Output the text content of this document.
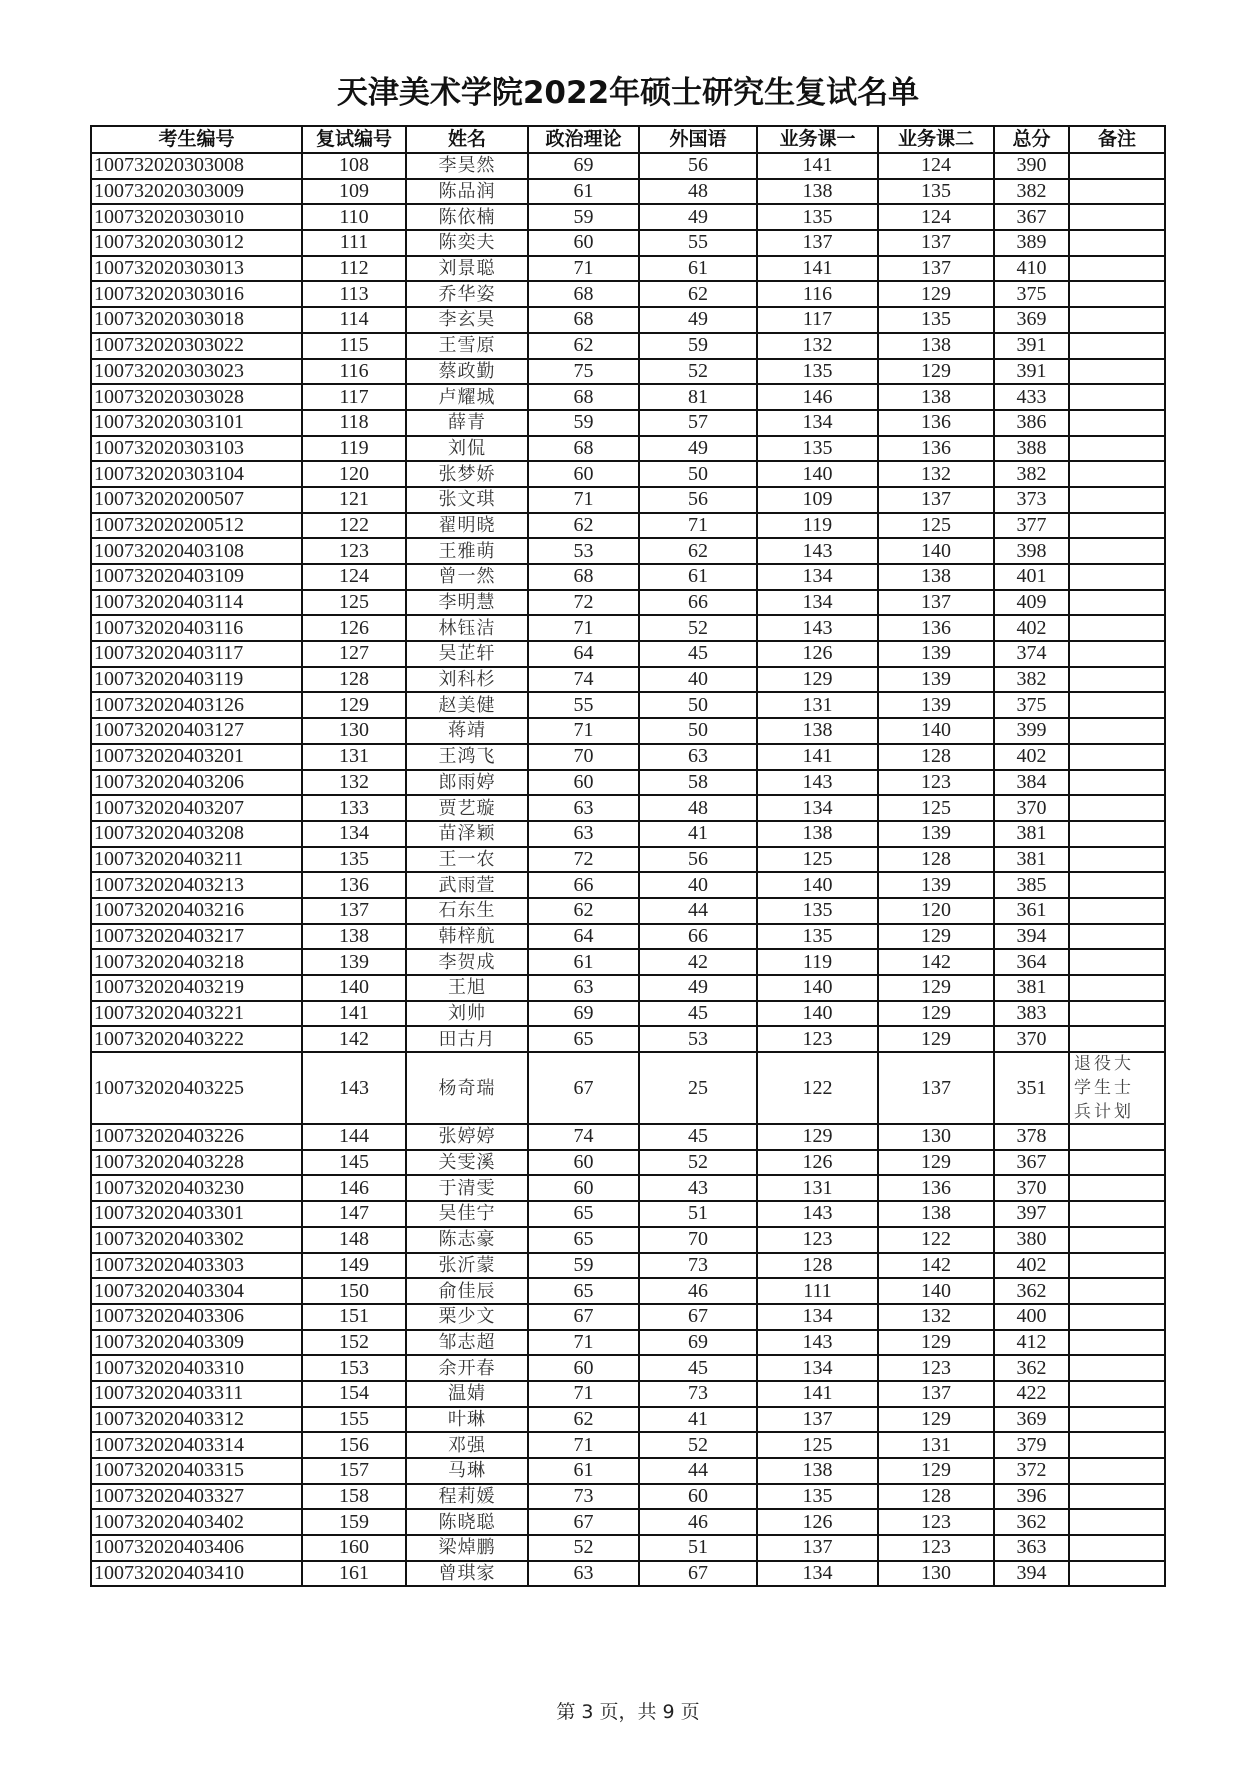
天津美术学院2022年硕士研究生复试名单
考生编号	复试编号	姓名	政治理论	外国语	业务课一	业务课二	总分	备注
100732020303008	108	李昊然	69	56	141	124	390	
100732020303009	109	陈品润	61	48	138	135	382	
100732020303010	110	陈依楠	59	49	135	124	367	
100732020303012	111	陈奕夫	60	55	137	137	389	
100732020303013	112	刘景聪	71	61	141	137	410	
100732020303016	113	乔华姿	68	62	116	129	375	
100732020303018	114	李玄昊	68	49	117	135	369	
100732020303022	115	王雪原	62	59	132	138	391	
100732020303023	116	蔡政勤	75	52	135	129	391	
100732020303028	117	卢耀城	68	81	146	138	433	
100732020303101	118	薛青	59	57	134	136	386	
100732020303103	119	刘侃	68	49	135	136	388	
100732020303104	120	张梦娇	60	50	140	132	382	
100732020200507	121	张文琪	71	56	109	137	373	
100732020200512	122	翟明晓	62	71	119	125	377	
100732020403108	123	王雅萌	53	62	143	140	398	
100732020403109	124	曾一然	68	61	134	138	401	
100732020403114	125	李明慧	72	66	134	137	409	
100732020403116	126	林钰洁	71	52	143	136	402	
100732020403117	127	吴芷轩	64	45	126	139	374	
100732020403119	128	刘科杉	74	40	129	139	382	
100732020403126	129	赵美健	55	50	131	139	375	
100732020403127	130	蒋靖	71	50	138	140	399	
100732020403201	131	王鸿飞	70	63	141	128	402	
100732020403206	132	郎雨婷	60	58	143	123	384	
100732020403207	133	贾艺璇	63	48	134	125	370	
100732020403208	134	苗泽颖	63	41	138	139	381	
100732020403211	135	王一农	72	56	125	128	381	
100732020403213	136	武雨萱	66	40	140	139	385	
100732020403216	137	石东生	62	44	135	120	361	
100732020403217	138	韩梓航	64	66	135	129	394	
100732020403218	139	李贺成	61	42	119	142	364	
100732020403219	140	王旭	63	49	140	129	381	
100732020403221	141	刘帅	69	45	140	129	383	
100732020403222	142	田古月	65	53	123	129	370	
100732020403225	143	杨奇瑞	67	25	122	137	351	退役大学生士兵计划

100732020403226	144	张婷婷	74	45	129	130	378	
100732020403228	145	关雯溪	60	52	126	129	367	
100732020403230	146	于清雯	60	43	131	136	370	
100732020403301	147	吴佳宁	65	51	143	138	397	
100732020403302	148	陈志豪	65	70	123	122	380	
100732020403303	149	张沂蒙	59	73	128	142	402	
100732020403304	150	俞佳辰	65	46	111	140	362	
100732020403306	151	栗少文	67	67	134	132	400	
100732020403309	152	邹志超	71	69	143	129	412	
100732020403310	153	余开春	60	45	134	123	362	
100732020403311	154	温婧	71	73	141	137	422	
100732020403312	155	叶琳	62	41	137	129	369	
100732020403314	156	邓强	71	52	125	131	379	
100732020403315	157	马琳	61	44	138	129	372	
100732020403327	158	程莉媛	73	60	135	128	396	
100732020403402	159	陈晓聪	67	46	126	123	362	
100732020403406	160	梁焯鹏	52	51	137	123	363	
100732020403410	161	曾琪家	63	67	134	130	394	
第 3 页，共 9 页
